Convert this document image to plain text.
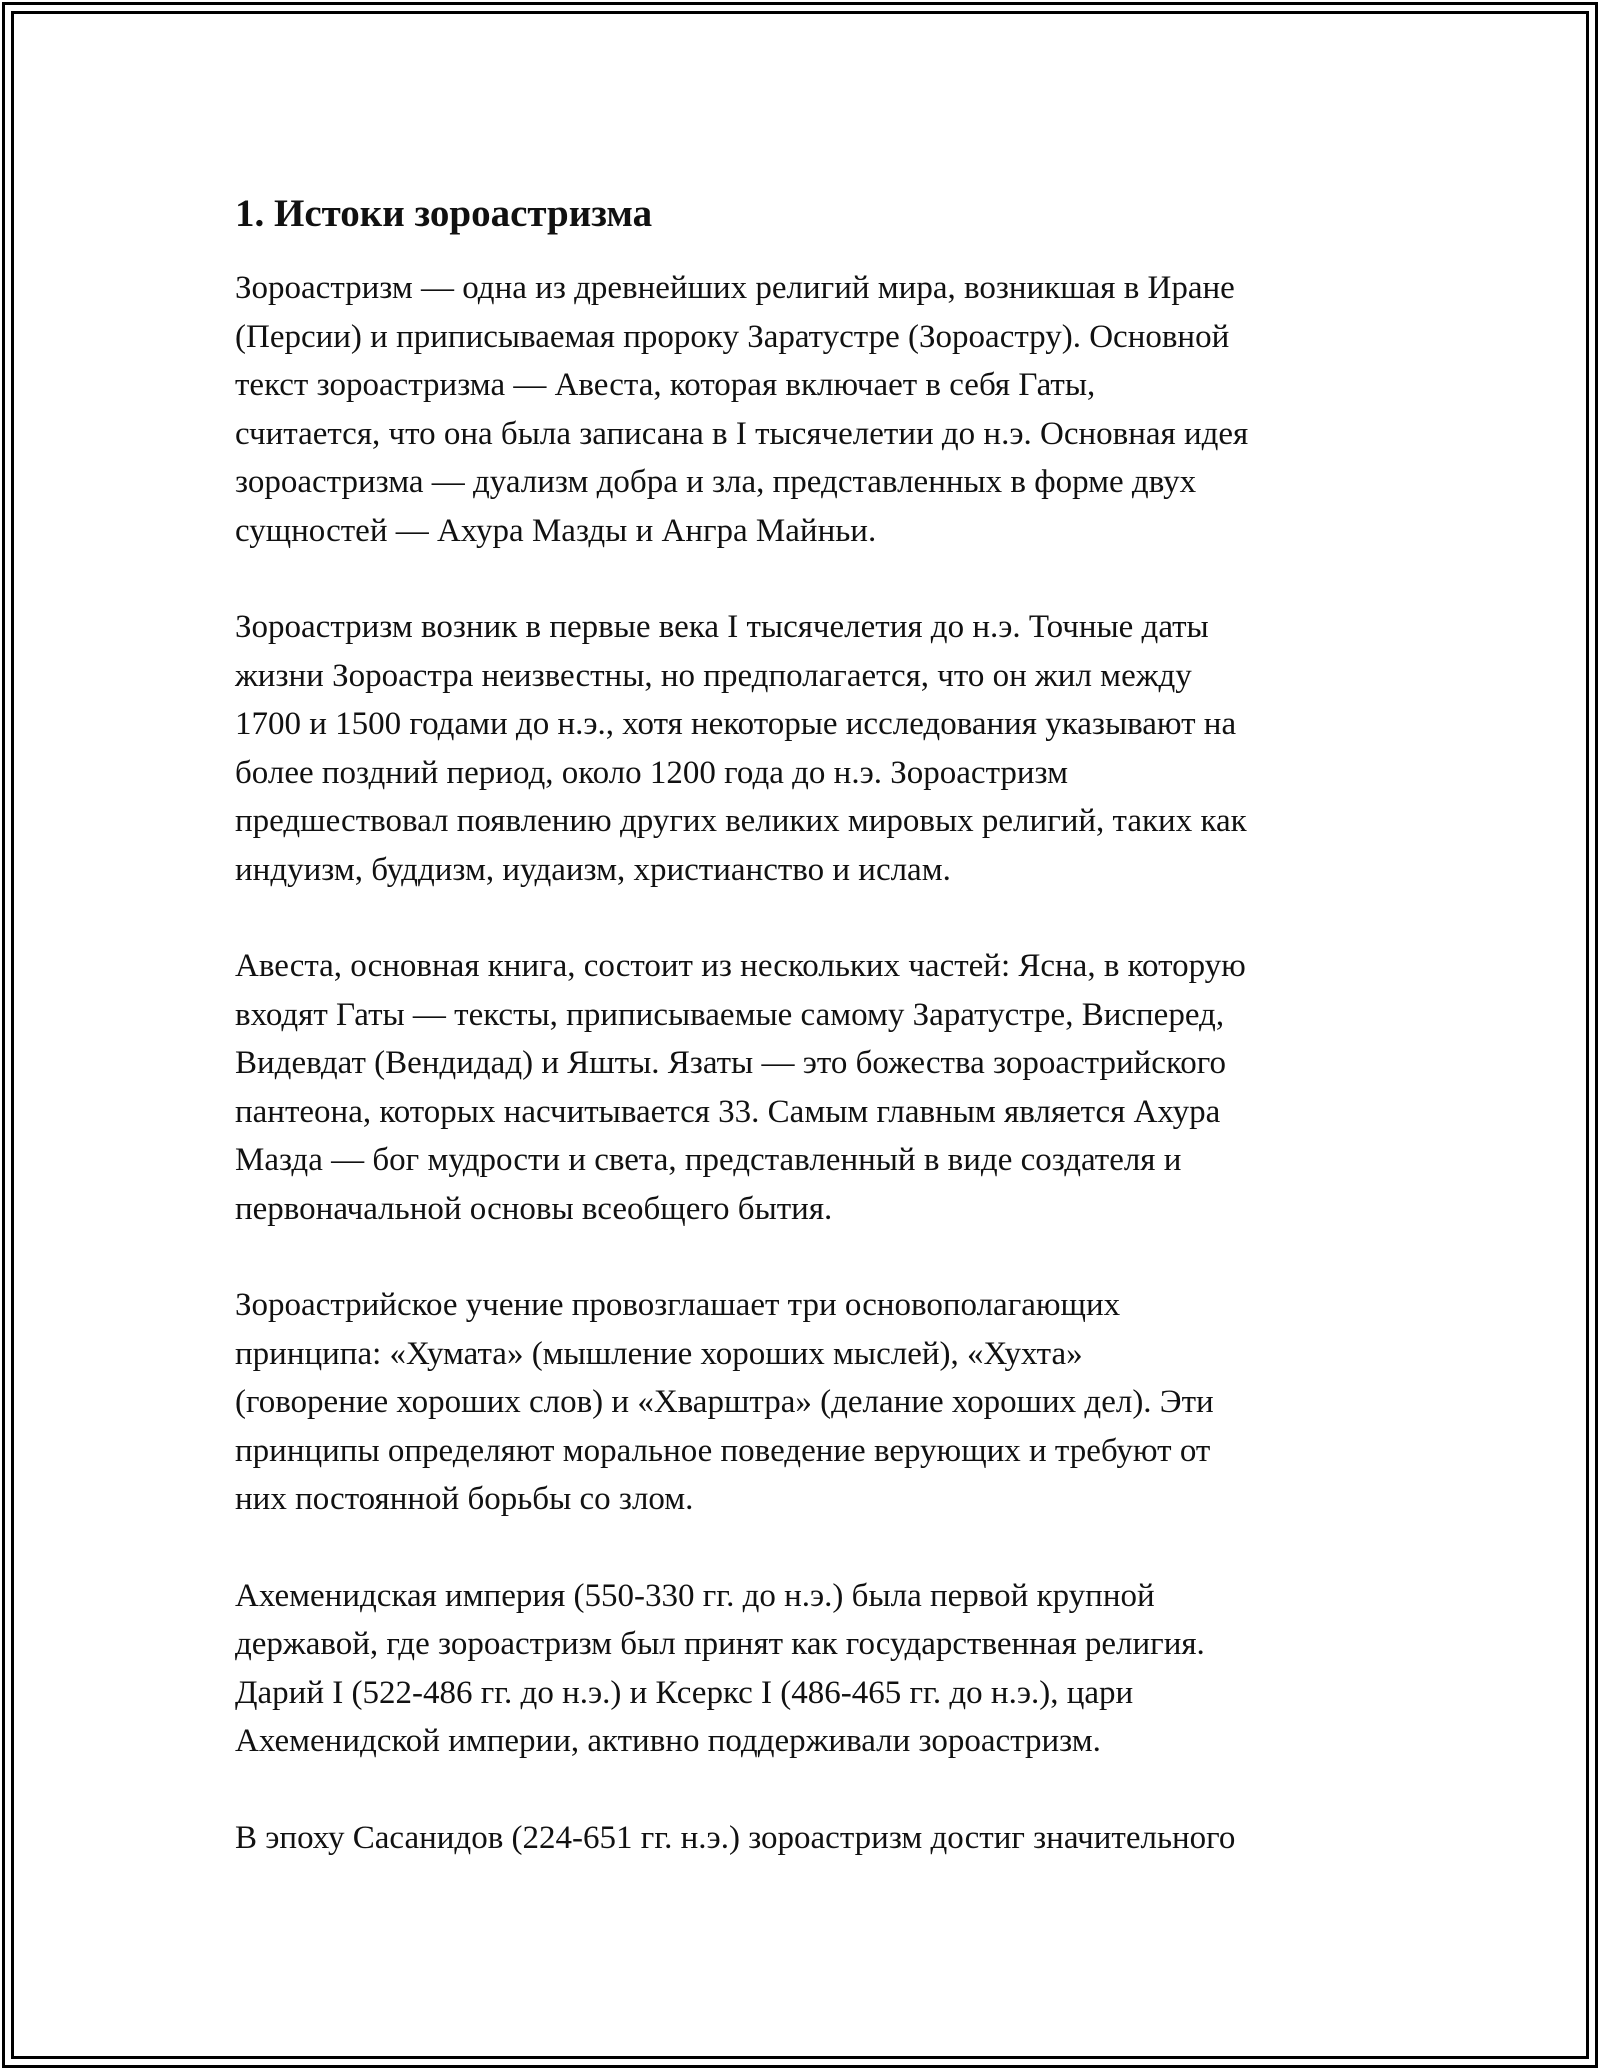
1. Истоки зороастризма

Зороастризм — одна из древнейших религий мира, возникшая в Иране
(Персии) и приписываемая пророку Заратустре (Зороастру). Основной
текст зороастризма — Авеста, которая включает в себя Гаты,
считается, что она была записана в I тысячелетии до н.э. Основная идея
зороастризма — дуализм добра и зла, представленных в форме двух
сущностей — Ахура Мазды и Ангра Майньи.

Зороастризм возник в первые века I тысячелетия до н.э. Точные даты
жизни Зороастра неизвестны, но предполагается, что он жил между
1700 и 1500 годами до н.э., хотя некоторые исследования указывают на
более поздний период, около 1200 года до н.э. Зороастризм
предшествовал появлению других великих мировых религий, таких как
индуизм, буддизм, иудаизм, христианство и ислам.

Авеста, основная книга, состоит из нескольких частей: Ясна, в которую
входят Гаты — тексты, приписываемые самому Заратустре, Висперед,
Видевдат (Вендидад) и Яшты. Язаты — это божества зороастрийского
пантеона, которых насчитывается 33. Самым главным является Ахура
Мазда — бог мудрости и света, представленный в виде создателя и
первоначальной основы всеобщего бытия.

Зороастрийское учение провозглашает три основополагающих
принципа: «Хумата» (мышление хороших мыслей), «Хухта»
(говорение хороших слов) и «Хварштра» (делание хороших дел). Эти
принципы определяют моральное поведение верующих и требуют от
них постоянной борьбы со злом.

Ахеменидская империя (550-330 гг. до н.э.) была первой крупной
державой, где зороастризм был принят как государственная религия.
Дарий I (522-486 гг. до н.э.) и Ксеркс I (486-465 гг. до н.э.), цари
Ахеменидской империи, активно поддерживали зороастризм.

В эпоху Сасанидов (224-651 гг. н.э.) зороастризм достиг значительного
